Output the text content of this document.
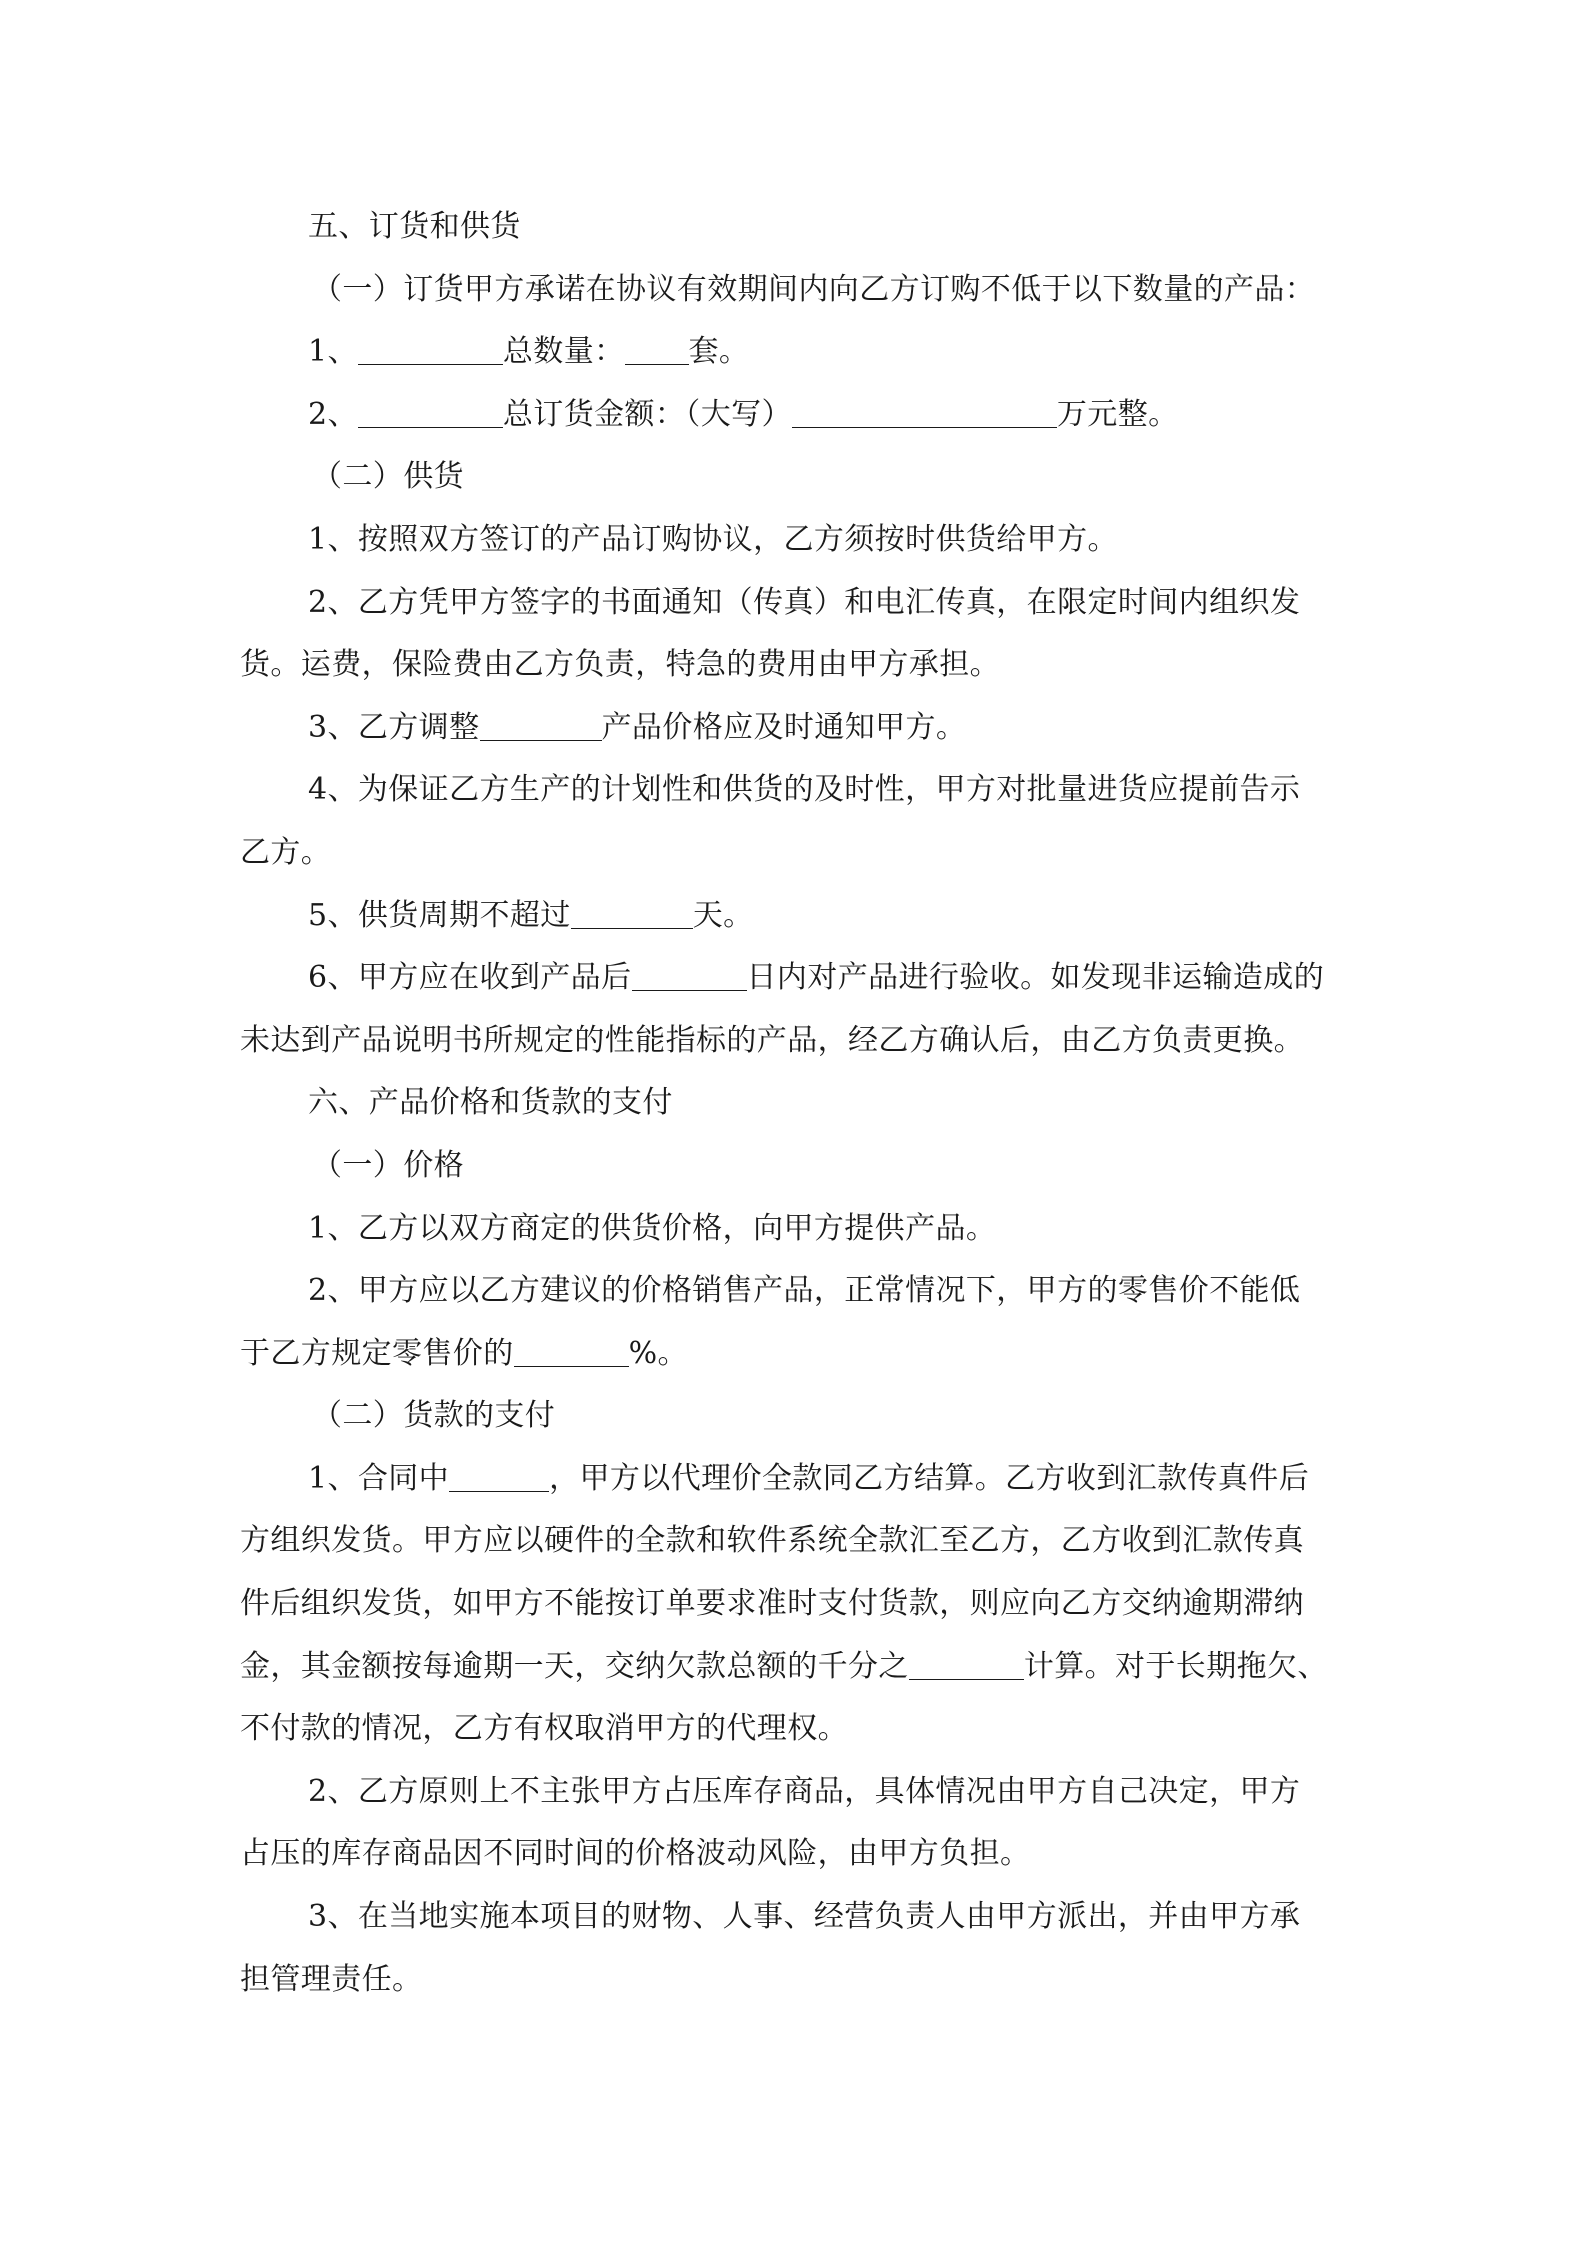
五、订货和供货
（一）订货甲方承诺在协议有效期间内向乙方订购不低于以下数量的产品：
1、	总数量： 套。
2、	总订货金额：（大写）	万元整。
（二）供货
1、按照双方签订的产品订购协议，乙方须按时供货给甲方。
2、乙方凭甲方签字的书面通知（传真）和电汇传真，在限定时间内组织发
货。运费，保险费由乙方负责，特急的费用由甲方承担。
3、乙方调整	产品价格应及时通知甲方。
4、为保证乙方生产的计划性和供货的及时性，甲方对批量进货应提前告示
乙方。
5、供货周期不超过	天。
6、甲方应在收到产品后	日内对产品进行验收。如发现非运输造成的
未达到产品说明书所规定的性能指标的产品，经乙方确认后，由乙方负责更换。
六、产品价格和货款的支付
（一）价格
1、乙方以双方商定的供货价格，向甲方提供产品。
2、甲方应以乙方建议的价格销售产品，正常情况下，甲方的零售价不能低
于乙方规定零售价的	%。
（二）货款的支付
1、合同中	，甲方以代理价全款同乙方结算。乙方收到汇款传真件后
方组织发货。甲方应以硬件的全款和软件系统全款汇至乙方，乙方收到汇款传真
件后组织发货，如甲方不能按订单要求准时支付货款，则应向乙方交纳逾期滞纳
金，其金额按每逾期一天，交纳欠款总额的千分之	计算。对于长期拖欠、
不付款的情况，乙方有权取消甲方的代理权。
2、乙方原则上不主张甲方占压库存商品，具体情况由甲方自己决定，甲方
占压的库存商品因不同时间的价格波动风险，由甲方负担。
3、在当地实施本项目的财物、人事、经营负责人由甲方派出，并由甲方承
担管理责任。
